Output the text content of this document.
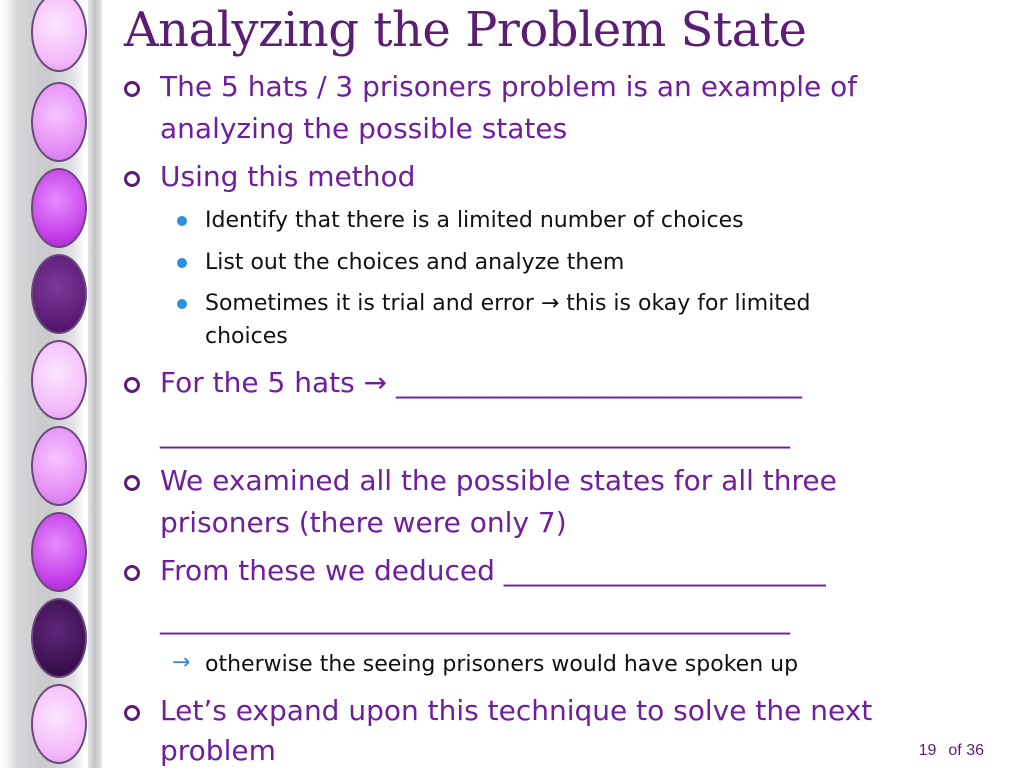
Analyzing the Problem State
The 5 hats / 3 prisoners problem is an example of
analyzing the possible states
Using this method
Identify that there is a limited number of choices
List out the choices and analyze them
Sometimes it is trial and error → this is okay for limited
choices
For the 5 hats → _____________________________
_____________________________________________
We examined all the possible states for all three
prisoners (there were only 7)
From these we deduced _______________________
_____________________________________________
→ otherwise the seeing prisoners would have spoken up
Let’s expand upon this technique to solve the next
problem	19 of 36
